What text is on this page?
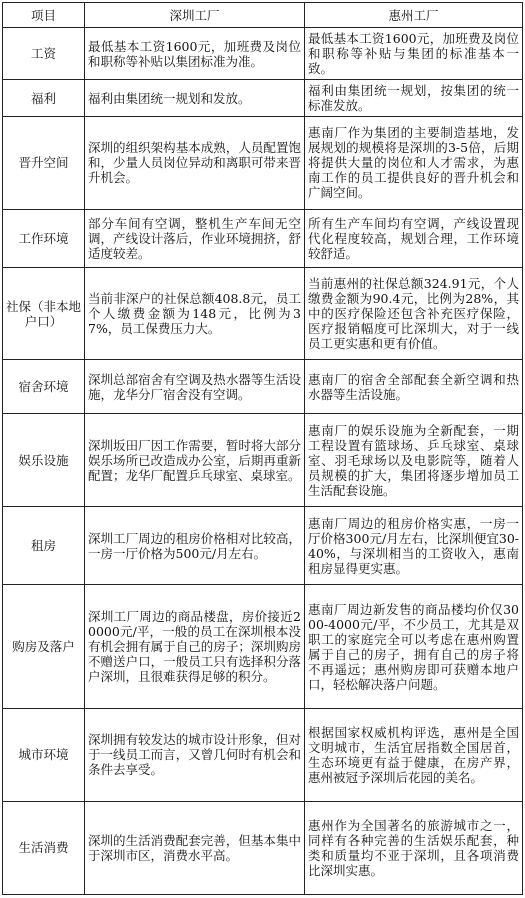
项目	深圳工厂	惠州工厂
工资	最低基本工资1600元，加班费及岗位和职称等补贴以集团标准为准。	最低基本工资1600元，加班费及岗位和职称等补贴与集团的标准基本一致。
福利	福利由集团统一规划和发放。	福利由集团统一规划，按集团的统一标准发放。
晋升空间	深圳的组织架构基本成熟，人员配置饱和，少量人员岗位异动和离职可带来晋升机会。	惠南厂作为集团的主要制造基地，发展规划的规模将是深圳的3-5倍，后期将提供大量的岗位和人才需求，为惠南工作的员工提供良好的晋升机会和广阔空间。
工作环境	部分车间有空调，整机生产车间无空调，产线设计落后，作业环境拥挤，舒适度较差。	所有生产车间均有空调，产线设置现代化程度较高，规划合理，工作环境较舒适。
社保（非本地户口）	当前非深户的社保总额408.8元，员工个人缴费金额为148元，比例为37%，员工保费压力大。	当前惠州的社保总额324.91元，个人缴费金额为90.4元，比例为28%，其中的医疗保险还包含补充医疗保险，医疗报销幅度可比深圳大，对于一线员工更实惠和更有价值。
宿舍环境	深圳总部宿舍有空调及热水器等生活设施，龙华分厂宿舍没有空调。	惠南厂的宿舍全部配套全新空调和热水器等生活设施。
娱乐设施	深圳坂田厂因工作需要，暂时将大部分娱乐场所已改造成办公室，后期再重新配置；龙华厂配置乒乓球室、桌球室。	惠南厂的娱乐设施为全新配套，一期工程设置有篮球场、乒乓球室、桌球室、羽毛球场以及电影院等，随着人员规模的扩大，集团将逐步增加员工生活配套设施。
租房	深圳工厂周边的租房价格相对比较高，一房一厅价格为500元/月左右。	惠南厂周边的租房价格实惠，一房一厅价格300元/月左右，比深圳便宜30-40%，与深圳相当的工资收入，惠南租房显得更实惠。
购房及落户	深圳工厂周边的商品楼盘，房价接近20000元/平，一般的员工在深圳根本没有机会拥有属于自己的房子；深圳购房不赠送户口，一般员工只有选择积分落户深圳，且很难获得足够的积分。	惠南厂周边新发售的商品楼均价仅3000-4000元/平，不少员工，尤其是双职工的家庭完全可以考虑在惠州购置属于自己的房子，拥有自己的房子将不再遥远；惠州购房即可获赠本地户口，轻松解决落户问题。
城市环境	深圳拥有较发达的城市设计形象，但对于一线员工而言，又曾几何时有机会和条件去享受。	根据国家权威机构评选，惠州是全国文明城市，生活宜居指数全国居首，生态环境更有益于健康，在房产界，惠州被冠予深圳后花园的美名。
生活消费	深圳的生活消费配套完善，但基本集中于深圳市区，消费水平高。	惠州作为全国著名的旅游城市之一，同样有各种完善的生活娱乐配套，种类和质量均不亚于深圳，且各项消费比深圳实惠。
